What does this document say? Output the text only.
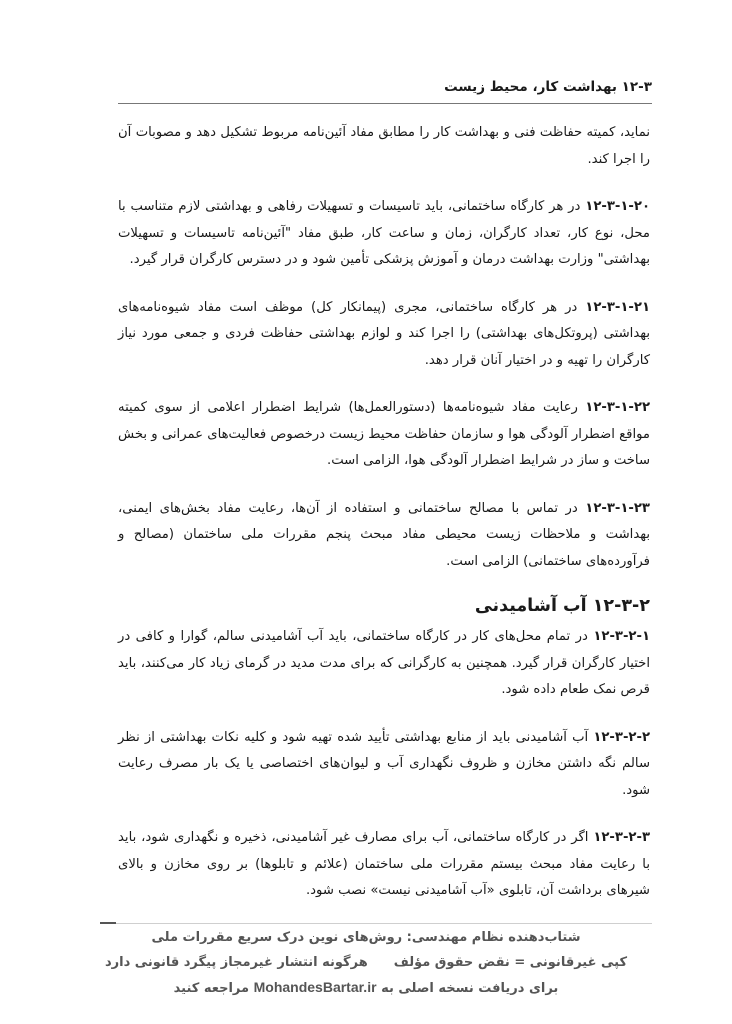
۱۲-۳ بهداشت کار، محیط زیست

نماید، کمیته حفاظت فنی و بهداشت کار را مطابق مفاد آئین‌نامه مربوط تشکیل دهد و مصوبات آن را اجرا کند.

۱۲-۳-۱-۲۰ در هر کارگاه ساختمانی، باید تاسیسات و تسهیلات رفاهی و بهداشتی لازم متناسب با محل، نوع کار، تعداد کارگران، زمان و ساعت کار، طبق مفاد "آئین‌نامه تاسیسات و تسهیلات بهداشتی" وزارت بهداشت درمان و آموزش پزشکی تأمین شود و در دسترس کارگران قرار گیرد.

۱۲-۳-۱-۲۱ در هر کارگاه ساختمانی، مجری (پیمانکار کل) موظف است مفاد شیوه‌نامه‌های بهداشتی (پروتکل‌های بهداشتی) را اجرا کند و لوازم بهداشتی حفاظت فردی و جمعی مورد نیاز کارگران را تهیه و در اختیار آنان قرار دهد.

۱۲-۳-۱-۲۲ رعایت مفاد شیوه‌نامه‌ها (دستورالعمل‌ها) شرایط اضطرار اعلامی از سوی کمیته مواقع اضطرار آلودگی هوا و سازمان حفاظت محیط زیست درخصوص فعالیت‌های عمرانی و بخش ساخت و ساز در شرایط اضطرار آلودگی هوا، الزامی است.

۱۲-۳-۱-۲۳ در تماس با مصالح ساختمانی و استفاده از آن‌ها، رعایت مفاد بخش‌های ایمنی، بهداشت و ملاحظات زیست محیطی مفاد مبحث پنجم مقررات ملی ساختمان (مصالح و فرآورده‌های ساختمانی) الزامی است.

۱۲-۳-۲ آب آشامیدنی

۱۲-۳-۲-۱ در تمام محل‌های کار در کارگاه ساختمانی، باید آب آشامیدنی سالم، گوارا و کافی در اختیار کارگران قرار گیرد. همچنین به کارگرانی که برای مدت مدید در گرمای زیاد کار می‌کنند، باید قرص نمک طعام داده شود.

۱۲-۳-۲-۲ آب آشامیدنی باید از منابع بهداشتی تأیید شده تهیه شود و کلیه نکات بهداشتی از نظر سالم نگه داشتن مخازن و ظروف نگهداری آب و لیوان‌های اختصاصی یا یک بار مصرف رعایت شود.

۱۲-۳-۲-۳ اگر در کارگاه ساختمانی، آب برای مصارف غیر آشامیدنی، ذخیره و نگهداری شود، باید با رعایت مفاد مبحث بیستم مقررات ملی ساختمان (علائم و تابلوها) بر روی مخازن و بالای شیرهای برداشت آن، تابلوی «آب آشامیدنی نیست» نصب شود.

شتاب‌دهنده نظام مهندسی: روش‌های نوین درک سریع مقررات ملی
کپی غیرقانونی = نقض حقوق مؤلفهرگونه انتشار غیرمجاز پیگرد قانونی دارد
برای دریافت نسخه اصلی به MohandesBartar.ir مراجعه کنید
